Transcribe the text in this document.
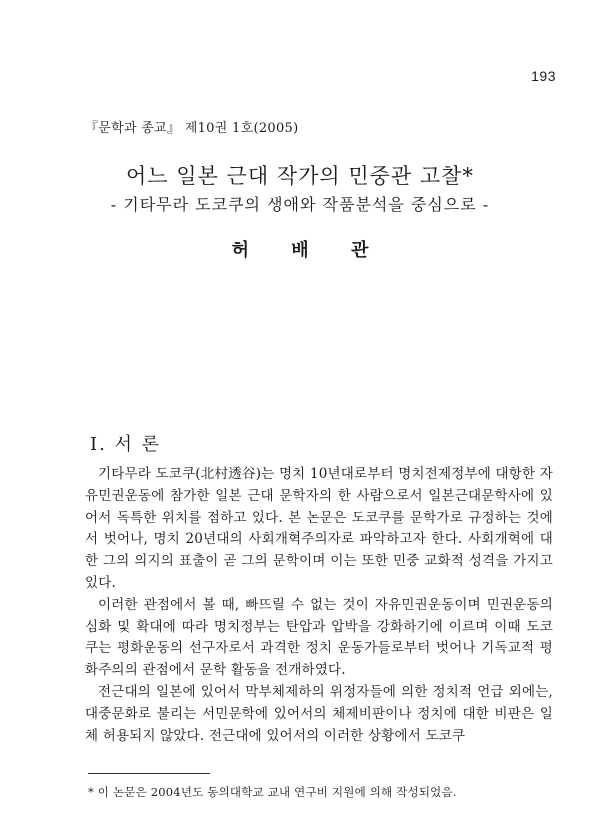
193
『문학과 종교』 제10권 1호(2005)
어느 일본 근대 작가의 민중관 고찰*
- 기타무라 도코쿠의 생애와 작품분석을 중심으로 -
허 배 관
I. 서 론

기타무라 도코쿠(北村透谷)는 명치 10년대로부터 명치전제정부에 대항한 자유민권운동에 참가한 일본 근대 문학자의 한 사람으로서 일본근대문학사에 있어서 독특한 위치를 점하고 있다. 본 논문은 도코쿠를 문학가로 규정하는 것에서 벗어나, 명치 20년대의 사회개혁주의자로 파악하고자 한다. 사회개혁에 대한 그의 의지의 표출이 곧 그의 문학이며 이는 또한 민중 교화적 성격을 가지고 있다.

이러한 관점에서 볼 때, 빠뜨릴 수 없는 것이 자유민권운동이며 민권운동의 심화 및 확대에 따라 명치정부는 탄압과 압박을 강화하기에 이르며 이때 도코쿠는 평화운동의 선구자로서 과격한 정치 운동가들로부터 벗어나 기독교적 평화주의의 관점에서 문학 활동을 전개하였다.

전근대의 일본에 있어서 막부체제하의 위정자들에 의한 정치적 언급 외에는, 대중문화로 불리는 서민문학에 있어서의 체제비판이나 정치에 대한 비판은 일체 허용되지 않았다. 전근대에 있어서의 이러한 상황에서 도코쿠

* 이 논문은 2004년도 동의대학교 교내 연구비 지원에 의해 작성되었음.
